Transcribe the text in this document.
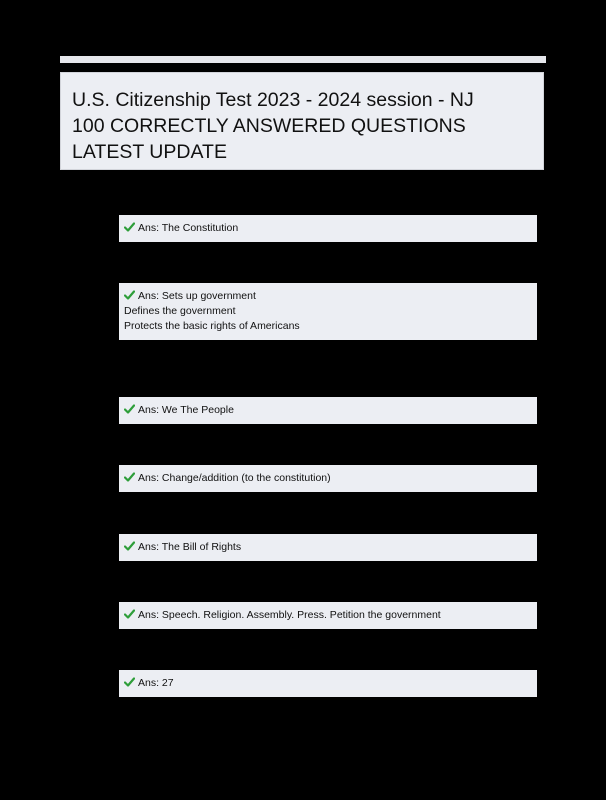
U.S. Citizenship Test 2023 - 2024 session - NJ
100 CORRECTLY ANSWERED QUESTIONS
LATEST UPDATE
Ans: The Constitution
Ans: Sets up government
Defines the government
Protects the basic rights of Americans
Ans: We The People
Ans: Change/addition (to the constitution)
Ans: The Bill of Rights
Ans: Speech. Religion. Assembly. Press. Petition the government
Ans: 27
